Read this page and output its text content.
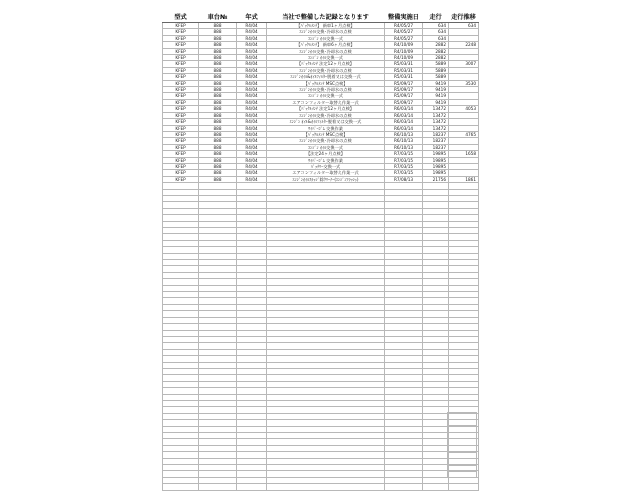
型式	車台№	年式	当社で整備した記録となります	整備実施日	走行	走行推移
KFEP	888	R4/04	【ﾊﾞｯｸﾙﾒﾝﾃ】 新車1ヶ月点検】	R4/05/27	634	634
KFEP	888	R4/04	ｴﾝｼﾞﾝｵｲﾙ交換･冷却水の点検	R4/05/27	634	
KFEP	888	R4/04	ｴﾝｼﾞﾝ ｵｲﾙ交換一式	R4/05/27	634	
KFEP	888	R4/04	【ﾊﾞｯｸﾙﾒﾝﾃ】 新車6ヶ月点検】	R4/10/09	2882	2248
KFEP	888	R4/04	ｴﾝｼﾞﾝｵｲﾙ交換･冷却水の点検	R4/10/09	2882	
KFEP	888	R4/04	ｴﾝｼﾞﾝ ｵｲﾙ交換一式	R4/10/09	2882	
KFEP	888	R4/04	【ﾊﾞｯｸﾙﾒﾝﾃ 法定12ヶ月点検】	R5/03/31	5889	3007
KFEP	888	R4/04	ｴﾝｼﾞﾝｵｲﾙ交換･冷却水の点検	R5/03/31	5889	
KFEP	888	R4/04	ｴﾝｼﾞﾝｵｲﾙ&ｵｲﾙﾌｨﾙﾀｰ脱着又は交換一式	R5/03/31	5889	
KFEP	888	R4/04	【ﾊﾞｯｸﾙﾒﾝﾃ MSC点検】	R5/09/17	9419	3530
KFEP	888	R4/04	ｴﾝｼﾞﾝｵｲﾙ交換･冷却水の点検	R5/09/17	9419	
KFEP	888	R4/04	ｴﾝｼﾞﾝ ｵｲﾙ交換一式	R5/09/17	9419	
KFEP	888	R4/04	エアコンフィルター取替え作業一式	R5/09/17	9419	
KFEP	888	R4/04	【ﾊﾞｯｸﾙﾒﾝﾃ 法定12ヶ月点検】	R6/03/14	13472	4053
KFEP	888	R4/04	ｴﾝｼﾞﾝｵｲﾙ交換･冷却水の点検	R6/03/14	13472	
KFEP	888	R4/04	ｴﾝｼﾞﾝ ｵｲﾙ&ｵｲﾙﾌｨﾙﾀｰ脱着又は交換一式	R6/03/14	13472	
KFEP	888	R4/04	ﾜｲﾊﾟｰｺﾞﾑ 交換作業	R6/03/14	13472	
KFEP	888	R4/04	【ﾊﾞｯｸﾙﾒﾝﾃ MSC点検】	R6/10/13	18237	4765
KFEP	888	R4/04	ｴﾝｼﾞﾝｵｲﾙ交換･冷却水の点検	R6/10/13	18237	
KFEP	888	R4/04	ｴﾝｼﾞﾝ ｵｲﾙ交換一式	R6/10/13	18237	
KFEP	888	R4/04	【法定24ヶ月点検】	R7/03/15	19895	1658
KFEP	888	R4/04	ﾜｲﾊﾟｰｺﾞﾑ 交換作業	R7/03/15	19895	
KFEP	888	R4/04	ﾊﾞｯﾃﾘｰ交換一式	R7/03/15	19895	
KFEP	888	R4/04	エアコンフィルター取替え作業一式	R7/03/15	19895	
KFEP	888	R4/04	ｴﾝｼﾞﾝｵｲﾙｽﾗｯｼﾞ除ｸﾘｰﾅｰ(ｴﾝｼﾞﾝﾌﾗｯｼｭ)	R7/08/13	21756	1861
